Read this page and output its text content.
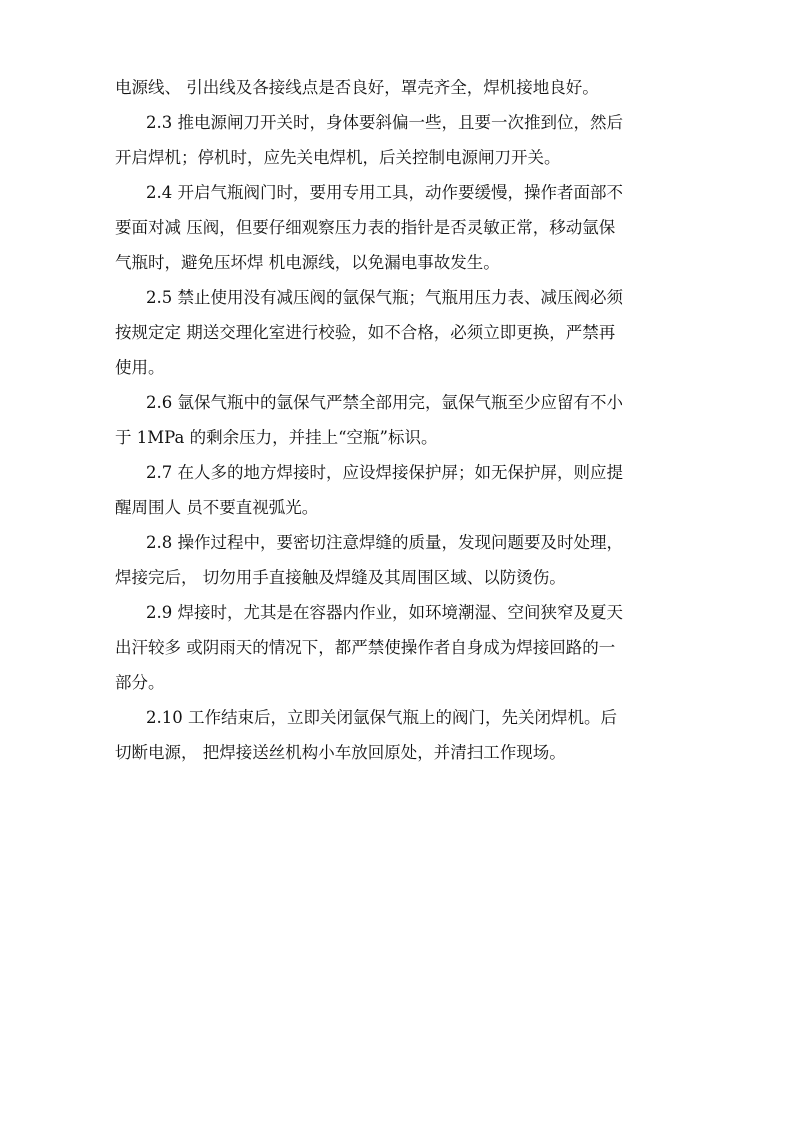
电源线、 引出线及各接线点是否良好，罩壳齐全，焊机接地良好。
2.3 推电源闸刀开关时，身体要斜偏一些，且要一次推到位，然后
开启焊机；停机时，应先关电焊机，后关控制电源闸刀开关。
2.4 开启气瓶阀门时，要用专用工具，动作要缓慢，操作者面部不
要面对减 压阀，但要仔细观察压力表的指针是否灵敏正常，移动氩保
气瓶时，避免压坏焊 机电源线，以免漏电事故发生。
2.5 禁止使用没有减压阀的氩保气瓶；气瓶用压力表、减压阀必须
按规定定 期送交理化室进行校验，如不合格，必须立即更换，严禁再
使用。
2.6 氩保气瓶中的氩保气严禁全部用完，氩保气瓶至少应留有不小
于 1MPa 的剩余压力，并挂上“空瓶”标识。
2.7 在人多的地方焊接时，应设焊接保护屏；如无保护屏，则应提
醒周围人 员不要直视弧光。
2.8 操作过程中，要密切注意焊缝的质量，发现问题要及时处理，
焊接完后， 切勿用手直接触及焊缝及其周围区域、以防烫伤。
2.9 焊接时，尤其是在容器内作业，如环境潮湿、空间狭窄及夏天
出汗较多 或阴雨天的情况下，都严禁使操作者自身成为焊接回路的一
部分。
2.10 工作结束后，立即关闭氩保气瓶上的阀门，先关闭焊机。后
切断电源， 把焊接送丝机构小车放回原处，并清扫工作现场。
